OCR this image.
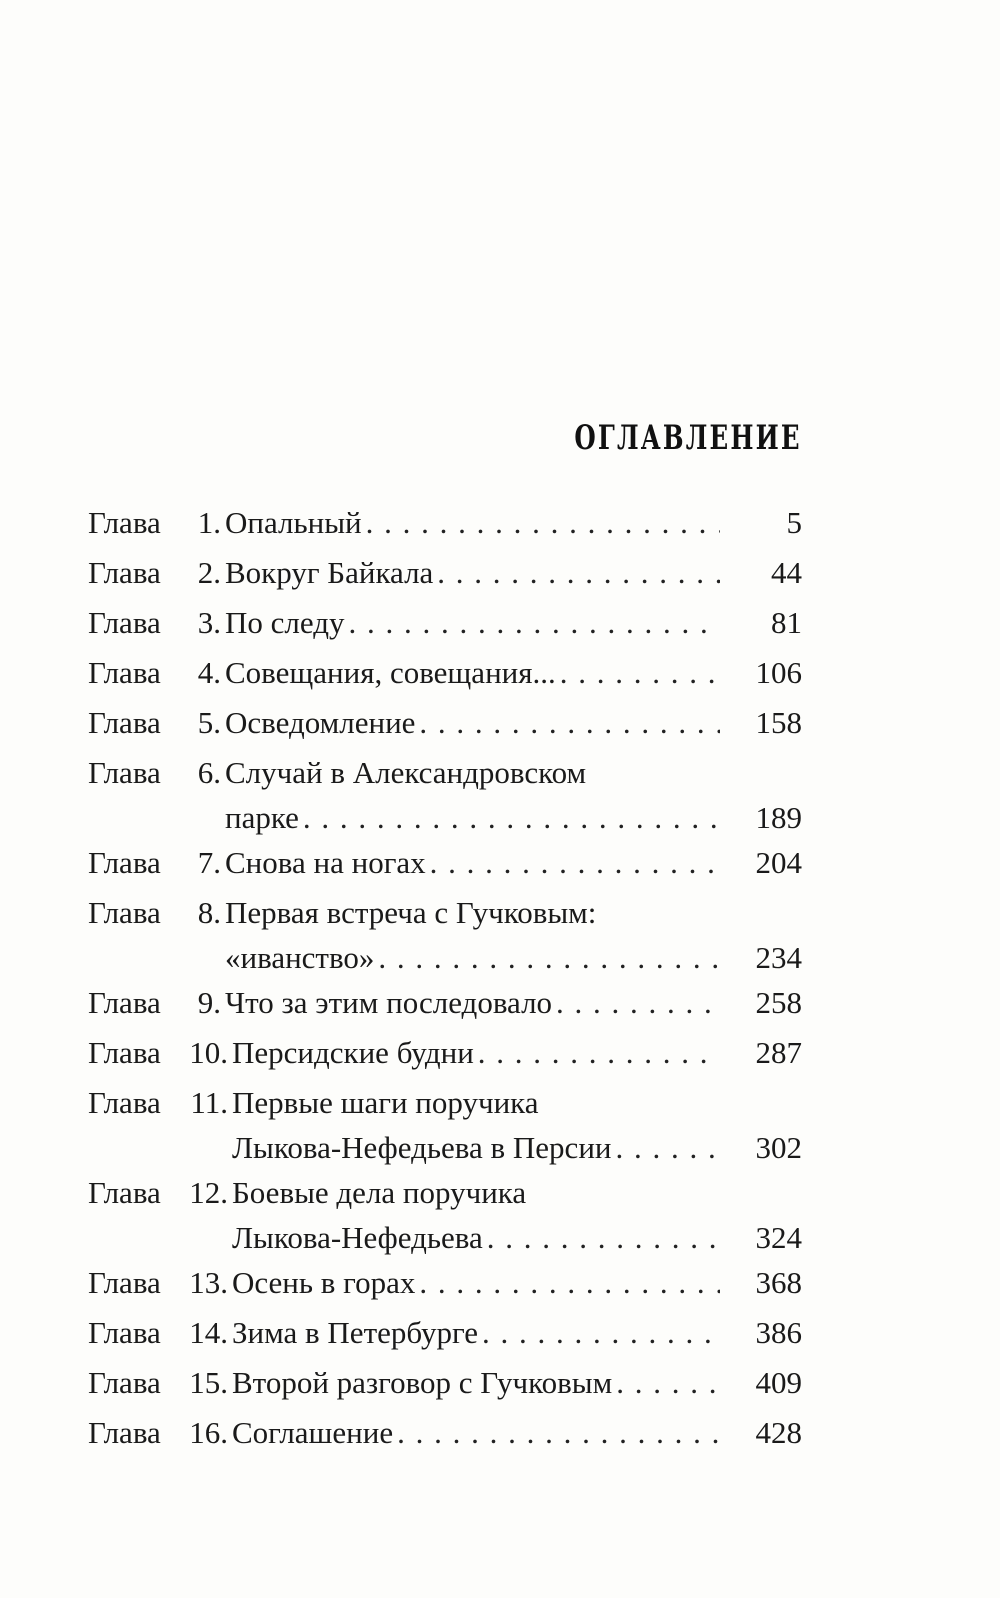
ОГЛАВЛЕНИЕ
Глава	1. Опальный . . .	5
Глава	2. Вокруг Байкала . . .	44
Глава	3. По следу . . .	81
Глава	4. Совещания, совещания... . . .	106
Глава	5. Осведомление . . .	158
Глава	6. Случай в Александровском
парке . . .	189
Глава	7. Снова на ногах . . .	204
Глава	8. Первая встреча с Гучковым:
«иванство» . . .	234
Глава	9. Что за этим последовало . . .	258
Глава 10. Персидские будни . . .	287
Глава 11. Первые шаги поручика
Лыкова-Нефедьева в Персии . . .	302
Глава 12. Боевые дела поручика
Лыкова-Нефедьева . . .	324
Глава 13. Осень в горах . . .	368
Глава 14. Зима в Петербурге . . .	386
Глава 15. Второй разговор с Гучковым . . .	409
Глава 16. Соглашение . . .	428
